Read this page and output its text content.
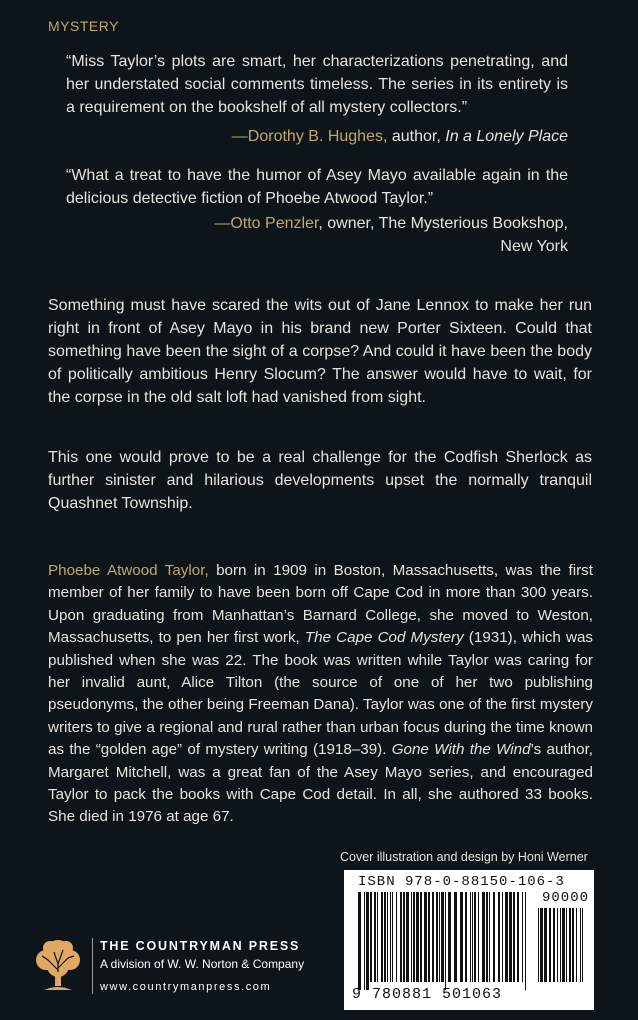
MYSTERY
“Miss Taylor’s plots are smart, her characterizations penetrating, and her understated social comments timeless. The series in its entirety is a requirement on the bookshelf of all mystery collectors.”
—Dorothy B. Hughes, author, In a Lonely Place
“What a treat to have the humor of Asey Mayo available again in the delicious detective fiction of Phoebe Atwood Taylor.”
—Otto Penzler, owner, The Mysterious Bookshop,
New York
Something must have scared the wits out of Jane Lennox to make her run right in front of Asey Mayo in his brand new Porter Sixteen. Could that something have been the sight of a corpse? And could it have been the body of politically ambitious Henry Slocum? The answer would have to wait, for the corpse in the old salt loft had vanished from sight.
This one would prove to be a real challenge for the Codfish Sherlock as further sinister and hilarious developments upset the normally tranquil Quashnet Township.
Phoebe Atwood Taylor, born in 1909 in Boston, Massachusetts, was the first member of her family to have been born off Cape Cod in more than 300 years. Upon graduating from Manhattan’s Barnard College, she moved to Weston, Massachusetts, to pen her first work, The Cape Cod Mystery (1931), which was published when she was 22. The book was written while Taylor was caring for her invalid aunt, Alice Tilton (the source of one of her two publishing pseudonyms, the other being Freeman Dana). Taylor was one of the first mystery writers to give a regional and rural rather than urban focus during the time known as the “golden age” of mystery writing (1918–39). Gone With the Wind’s author, Margaret Mitchell, was a great fan of the Asey Mayo series, and encouraged Taylor to pack the books with Cape Cod detail. In all, she authored 33 books. She died in 1976 at age 67.
Cover illustration and design by Honi Werner
ISBN 978-0-88150-106-3
90000
9 780881 501063
THE COUNTRYMAN PRESS
A division of W. W. Norton & Company
www.countrymanpress.com
